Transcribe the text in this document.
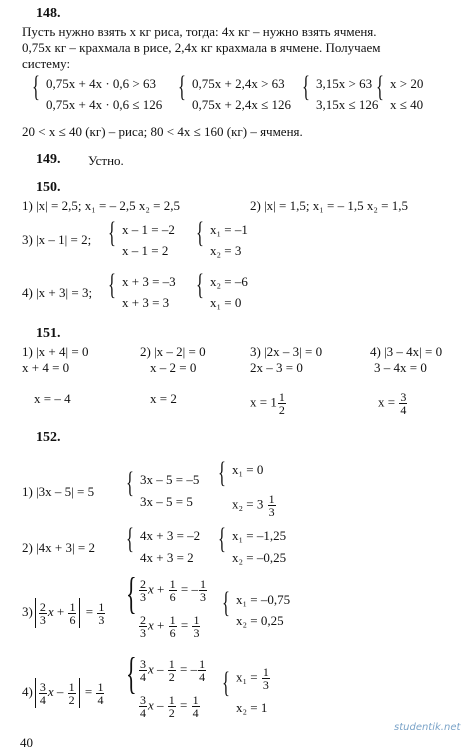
148.
Пусть нужно взять x кг риса, тогда: 4x кг – нужно взять ячменя.
0,75x кг – крахмала в рисе, 2,4x кг крахмала в ячмене. Получаем
систему:
{ 0,75x + 4x · 0,6 > 63
0,75x + 4x · 0,6 ≤ 126
{ 0,75x + 2,4x > 63
0,75x + 2,4x ≤ 126
{ 3,15x > 63
3,15x ≤ 126
{ x > 20
x ≤ 40
20 < x ≤ 40 (кг) – риса; 80 < 4x ≤ 160 (кг) – ячменя.
149. Устно.
150.
1) |x| = 2,5; x₁ = – 2,5 x₂ = 2,5	2) |x| = 1,5; x₁ = – 1,5 x₂ = 1,5
3) |x – 1| = 2; { x – 1 = –2
x – 1 = 2
{ x₁ = –1
x₂ = 3
4) |x + 3| = 3; { x + 3 = –3
x + 3 = 3
{ x₂ = –6
x₁ = 0
151.
1) |x + 4| = 0
x + 4 = 0
x = – 4
2) |x – 2| = 0
x – 2 = 0
x = 2
3) |2x – 3| = 0
2x – 3 = 0
$x = 1 \frac{1}{2}$
4) |3 – 4x| = 0
3 – 4x = 0
$x = \frac{3}{4}$
152.
1) |3x – 5| = 5 { 3x – 5 = –5
3x – 5 = 5
{ x₁ = 0
$x_2 = 3 \frac{1}{3}$
2) |4x + 3| = 2 { 4x + 3 = –2
4x + 3 = 2
{ x₁ = –1,25
x₂ = –0,25
$3) \frac{2}{3}$ $x + \frac{1}{6} = \frac{1}{3}$ { $\frac{2}{3}$ $x + \frac{1}{6}$ = – $\frac{1}{3}$
$\frac{2}{3}$ $x + \frac{1}{6} = \frac{1}{3}$
{ x₁ = –0,75
x₂ = 0,25
$4) \frac{3}{4}$ $x - \frac{1}{2} = \frac{1}{4}$ { $\frac{3}{4}$ x – $\frac{1}{2}$ = – $\frac{1}{4}$
$\frac{3}{4}$ $x - \frac{1}{2} = \frac{1}{4}$
{ $x_1 = \frac{1}{3}$
x₂ = 1
studentik.net
40
